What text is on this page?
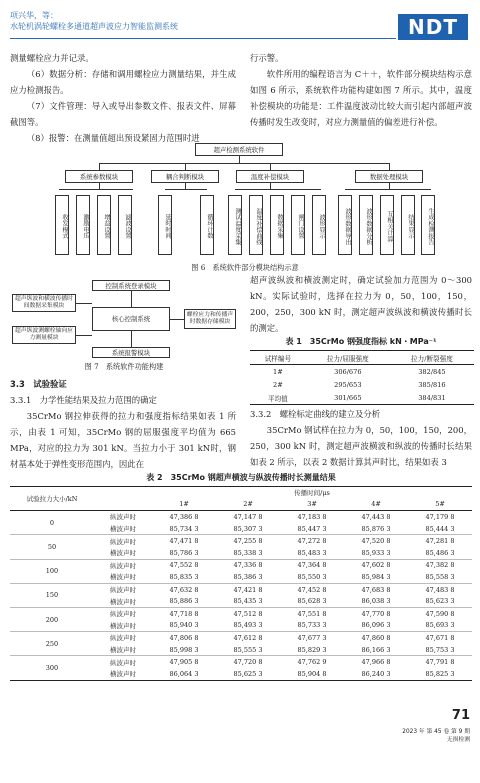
项兴华，等：
水轮机涡轮螺栓多通道超声波应力智能监测系统	NDT

测量螺栓应力并记录。

（6）数据分析：存储和调用螺栓应力测量结果，并生成应力检测报告。

（7）文件管理：导入或导出参数文件、报表文件、屏幕截图等。

（8）报警：在测量值超出预设紧固力范围时进

行示警。

软件所用的编程语言为 C＋＋，软件部分模块结构示意如图 6 所示，系统软件功能构建如图 7 所示。其中，温度补偿模块的功能是：工件温度波动比较大而引起内部超声波传播时发生改变时，对应力测量值的偏差进行补偿。

超声检测系统软件
系统参数模块	耦合判断模块	温度补偿模块	数据处理模块
收发模式	激励电压	增益设置	滤波设置	延时时间	循环计数	测试温度采集	温度补偿曲线	数据采集	闸门设置	波形显示	波形数据导出	波形数据分析	互相关计算	结果显示	生成检测报告
图 6　系统软件部分模块结构示意
控制系统登录模块
核心控制系统
系统报警模块
超声纵波和横波传播时间数据采集模块
超声纵波测螺栓轴向应力测量模块
螺栓应力和传播声时数据存储模块
图 7　系统软件功能构建

3.3　试验验证

3.3.1　力学性能结果及拉力范围的确定

35CrMo 钢拉伸获得的拉力和强度指标结果如表 1 所示，由表 1 可知，35CrMo 钢的屈服强度平均值为 665 MPa，对应的拉力为 301 kN。当拉力小于 301 kN时，钢材基本处于弹性变形范围内，因此在

超声波纵波和横波测定时，确定试验加力范围为 0～300 kN。实际试验时，选择在拉力为 0，50，100，150，200，250，300 kN 时，测定超声波纵波和横波传播时长的测定。

表 1　35CrMo 钢强度指标 kN・MPa⁻¹
试样编号	拉力/屈服强度	拉力/断裂强度
1#	306/676	382/845
2#	295/653	385/816
平均值	301/665	384/831

3.3.2　螺栓标定曲线的建立及分析

35CrMo 钢试样在拉力为 0，50，100，150，200，250，300 kN 时，测定超声波横波和纵波的传播时长结果如表 2 所示，以表 2 数据计算其声时比，结果如表 3

表 2　35CrMo 钢超声横波与纵波传播时长测量结果
试验拉力大小/kN		传播时间/μs				
		1#	2#	3#	4#	5#
0	纵波声时	47,386 8	47,147 8	47,183 8	47,443 8	47,179 8
	横波声时	85,734 3	85,307 3	85,447 3	85,876 3	85,444 3
50	纵波声时	47,471 8	47,255 8	47,272 8	47,520 8	47,281 8
	横波声时	85,786 3	85,338 3	85,483 3	85,933 3	85,486 3
100	纵波声时	47,552 8	47,336 8	47,364 8	47,602 8	47,382 8
	横波声时	85,835 3	85,386 3	85,550 3	85,984 3	85,558 3
150	纵波声时	47,632 8	47,421 8	47,452 8	47,683 8	47,483 8
	横波声时	85,886 3	85,435 3	85,628 3	86,038 3	85,623 3
200	纵波声时	47,718 8	47,512 8	47,551 8	47,770 8	47,590 8
	横波声时	85,940 3	85,493 3	85,733 3	86,096 3	85,693 3
250	纵波声时	47,806 8	47,612 8	47,677 3	47,860 8	47,671 8
	横波声时	85,998 3	85,555 3	85,829 3	86,166 3	85,753 3
300	纵波声时	47,905 8	47,720 8	47,762 9	47,966 8	47,791 8
	横波声时	86,064 3	85,625 3	85,904 8	86,240 3	85,825 3
71
2023 年 第 45 卷 第 9 期
无损检测
